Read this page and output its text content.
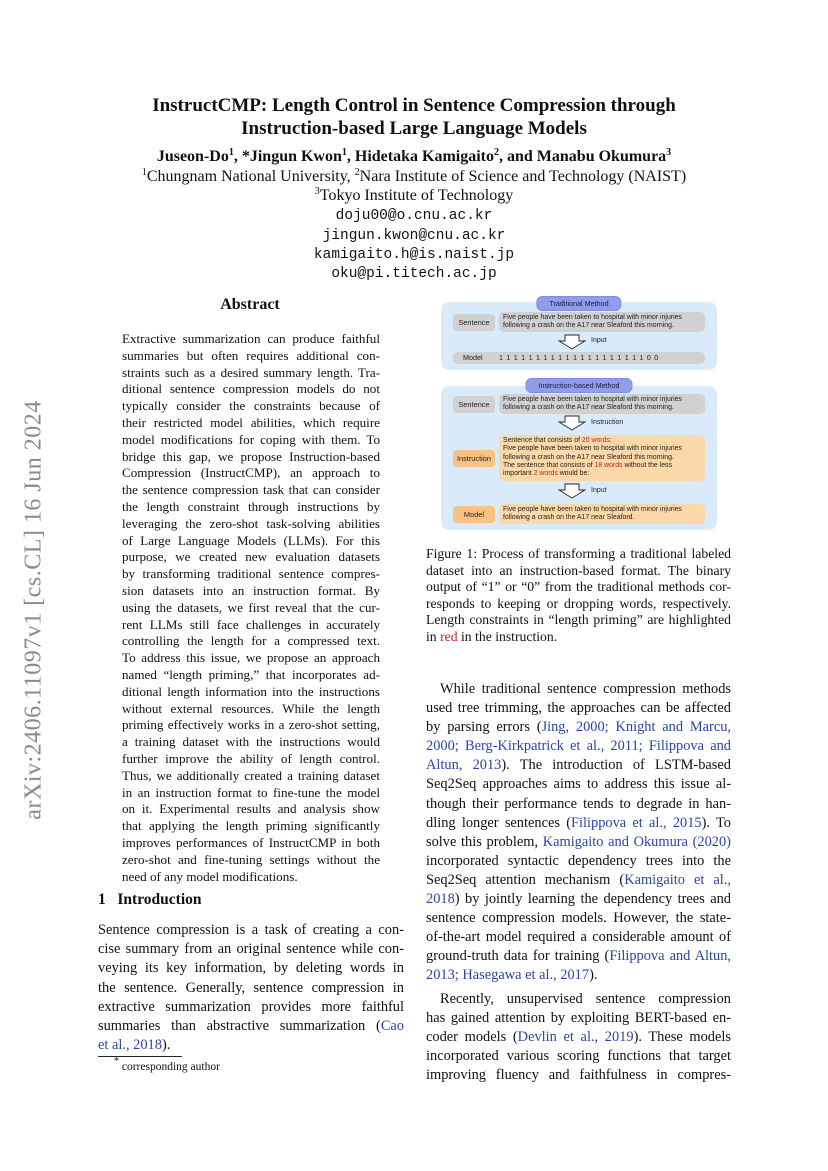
arXiv:2406.11097v1 [cs.CL] 16 Jun 2024
InstructCMP: Length Control in Sentence Compression through
Instruction-based Large Language Models
Juseon-Do$^1$, *Jingun Kwon$^1$, Hidetaka Kamigaito$^2$, and Manabu Okumura$^3$
$^1$Chungnam National University, $^2$Nara Institute of Science and Technology (NAIST)
$^3$Tokyo Institute of Technology
doju00@o.cnu.ac.kr
jingun.kwon@cnu.ac.kr
kamigaito.h@is.naist.jp
oku@pi.titech.ac.jp
Abstract
Extractive summarization can produce faithful
summaries but often requires additional con-
straints such as a desired summary length. Tra-
ditional sentence compression models do not
typically consider the constraints because of
their restricted model abilities, which require
model modifications for coping with them. To
bridge this gap, we propose Instruction-based
Compression (InstructCMP), an approach to
the sentence compression task that can consider
the length constraint through instructions by
leveraging the zero-shot task-solving abilities
of Large Language Models (LLMs). For this
purpose, we created new evaluation datasets
by transforming traditional sentence compres-
sion datasets into an instruction format. By
using the datasets, we first reveal that the cur-
rent LLMs still face challenges in accurately
controlling the length for a compressed text.
To address this issue, we propose an approach
named “length priming,” that incorporates ad-
ditional length information into the instructions
without external resources. While the length
priming effectively works in a zero-shot setting,
a training dataset with the instructions would
further improve the ability of length control.
Thus, we additionally created a training dataset
in an instruction format to fine-tune the model
on it. Experimental results and analysis show
that applying the length priming significantly
improves performances of InstructCMP in both
zero-shot and fine-tuning settings without the
need of any model modifications.
1 Introduction
Sentence compression is a task of creating a con-
cise summary from an original sentence while con-
veying its key information, by deleting words in
the sentence. Generally, sentence compression in
extractive summarization provides more faithful
summaries than abstractive summarization (Cao
et al., 2018).
* corresponding author
Traditional Method
Sentence
Five people have been taken to hospital with minor injuries
following a crash on the A17 near Sleaford this morning.
Input
Model 1 1 1 1 1 1 1 1 1 1 1 1 1 1 1 1 1 1 1 1 0 0
Instruction-based Method
Sentence
Five people have been taken to hospital with minor injuries
following a crash on the A17 near Sleaford this morning.
Instruction
Instruction
Sentence that consists of 20 words:
Five people have been taken to hospital with minor injuries
following a crash on the A17 near Sleaford this morning.
The sentence that consists of 18 words without the less
important 2 words would be:
Input
Model
Five people have been taken to hospital with minor injuries
following a crash on the A17 near Sleaford.
Figure 1: Process of transforming a traditional labeled
dataset into an instruction-based format. The binary
output of “1” or “0” from the traditional methods cor-
responds to keeping or dropping words, respectively.
Length constraints in “length priming” are highlighted
in red in the instruction.
While traditional sentence compression methods
used tree trimming, the approaches can be affected
by parsing errors (Jing, 2000; Knight and Marcu,
2000; Berg-Kirkpatrick et al., 2011; Filippova and
Altun, 2013). The introduction of LSTM-based
Seq2Seq approaches aims to address this issue al-
though their performance tends to degrade in han-
dling longer sentences (Filippova et al., 2015). To
solve this problem, Kamigaito and Okumura (2020)
incorporated syntactic dependency trees into the
Seq2Seq attention mechanism (Kamigaito et al.,
2018) by jointly learning the dependency trees and
sentence compression models. However, the state-
of-the-art model required a considerable amount of
ground-truth data for training (Filippova and Altun,
2013; Hasegawa et al., 2017).
Recently, unsupervised sentence compression
has gained attention by exploiting BERT-based en-
coder models (Devlin et al., 2019). These models
incorporated various scoring functions that target
improving fluency and faithfulness in compres-
